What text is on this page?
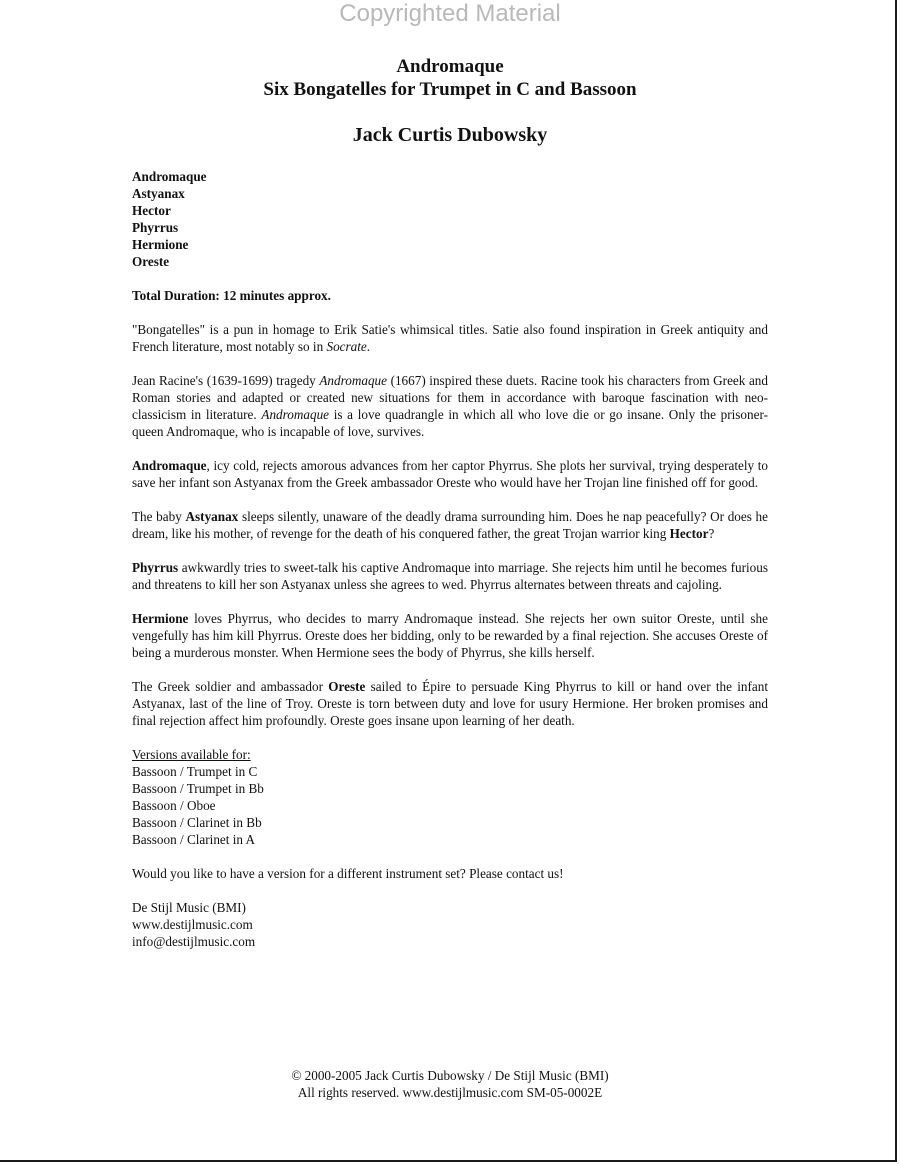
Copyrighted Material
Andromaque
Six Bongatelles for Trumpet in C and Bassoon
Jack Curtis Dubowsky
Andromaque
Astyanax
Hector
Phyrrus
Hermione
Oreste
Total Duration: 12 minutes approx.

"Bongatelles" is a pun in homage to Erik Satie's whimsical titles. Satie also found inspiration in Greek antiquity and French literature, most notably so in Socrate.

Jean Racine's (1639-1699) tragedy Andromaque (1667) inspired these duets. Racine took his characters from Greek and Roman stories and adapted or created new situations for them in accordance with baroque fascination with neo-classicism in literature. Andromaque is a love quadrangle in which all who love die or go insane. Only the prisoner-queen Andromaque, who is incapable of love, survives.

Andromaque, icy cold, rejects amorous advances from her captor Phyrrus. She plots her survival, trying desperately to save her infant son Astyanax from the Greek ambassador Oreste who would have her Trojan line finished off for good.

The baby Astyanax sleeps silently, unaware of the deadly drama surrounding him. Does he nap peacefully? Or does he dream, like his mother, of revenge for the death of his conquered father, the great Trojan warrior king Hector?

Phyrrus awkwardly tries to sweet-talk his captive Andromaque into marriage. She rejects him until he becomes furious and threatens to kill her son Astyanax unless she agrees to wed. Phyrrus alternates between threats and cajoling.

Hermione loves Phyrrus, who decides to marry Andromaque instead. She rejects her own suitor Oreste, until she vengefully has him kill Phyrrus. Oreste does her bidding, only to be rewarded by a final rejection. She accuses Oreste of being a murderous monster. When Hermione sees the body of Phyrrus, she kills herself.

The Greek soldier and ambassador Oreste sailed to Épire to persuade King Phyrrus to kill or hand over the infant Astyanax, last of the line of Troy. Oreste is torn between duty and love for usury Hermione. Her broken promises and final rejection affect him profoundly. Oreste goes insane upon learning of her death.

Versions available for:
Bassoon / Trumpet in C
Bassoon / Trumpet in Bb
Bassoon / Oboe
Bassoon / Clarinet in Bb
Bassoon / Clarinet in A
Would you like to have a version for a different instrument set? Please contact us!
De Stijl Music (BMI)
www.destijlmusic.com
info@destijlmusic.com
© 2000-2005 Jack Curtis Dubowsky / De Stijl Music (BMI)
All rights reserved. www.destijlmusic.com SM-05-0002E
